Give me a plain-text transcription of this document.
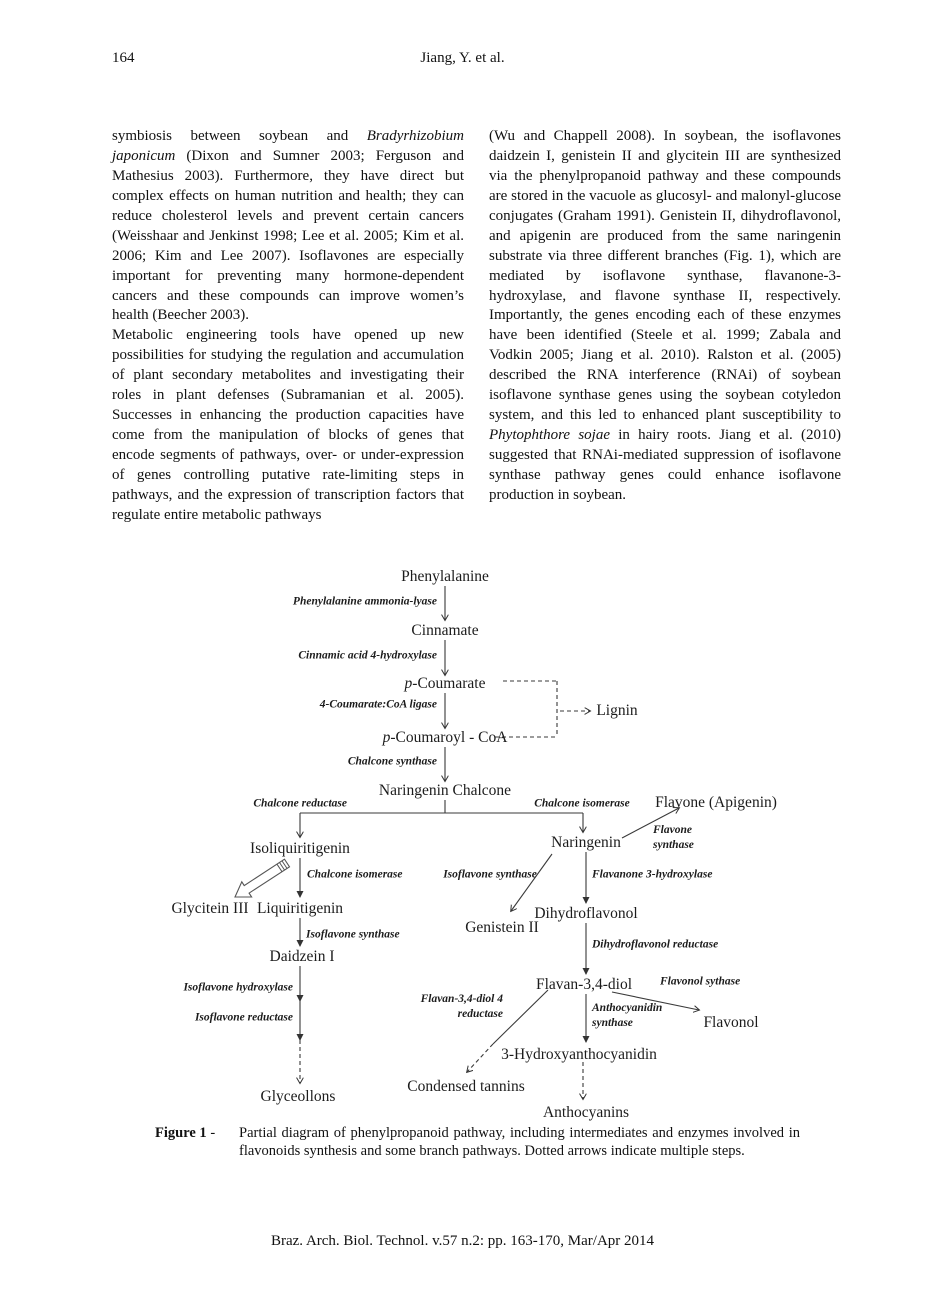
164	Jiang, Y. et al.
symbiosis between soybean and Bradyrhizobium japonicum (Dixon and Sumner 2003; Ferguson and Mathesius 2003). Furthermore, they have direct but complex effects on human nutrition and health; they can reduce cholesterol levels and prevent certain cancers (Weisshaar and Jenkinst 1998; Lee et al. 2005; Kim et al. 2006; Kim and Lee 2007). Isoflavones are especially important for preventing many hormone-dependent cancers and these compounds can improve women’s health (Beecher 2003).
Metabolic engineering tools have opened up new possibilities for studying the regulation and accumulation of plant secondary metabolites and investigating their roles in plant defenses (Subramanian et al. 2005). Successes in enhancing the production capacities have come from the manipulation of blocks of genes that encode segments of pathways, over- or under-expression of genes controlling putative rate-limiting steps in pathways, and the expression of transcription factors that regulate entire metabolic pathways
(Wu and Chappell 2008). In soybean, the isoflavones daidzein I, genistein II and glycitein III are synthesized via the phenylpropanoid pathway and these compounds are stored in the vacuole as glucosyl- and malonyl-glucose conjugates (Graham 1991). Genistein II, dihydroflavonol, and apigenin are produced from the same naringenin substrate via three different branches (Fig. 1), which are mediated by isoflavone synthase, flavanone-3-hydroxylase, and flavone synthase II, respectively. Importantly, the genes encoding each of these enzymes have been identified (Steele et al. 1999; Zabala and Vodkin 2005; Jiang et al. 2010). Ralston et al. (2005) described the RNA interference (RNAi) of soybean isoflavone synthase genes using the soybean cotyledon system, and this led to enhanced plant susceptibility to Phytophthore sojae in hairy roots. Jiang et al. (2010) suggested that RNAi-mediated suppression of isoflavone synthase pathway genes could enhance isoflavone production in soybean.
Phenylalanine
Cinnamate
p-Coumarate
p-Coumaroyl - CoA
Lignin
Naringenin Chalcone
Isoliquiritigenin
Glycitein III Liquiritigenin
Daidzein I
Glyceollons
Naringenin
Flavone (Apigenin)
Genistein II
Dihydroflavonol
Flavan-3,4-diol
Flavonol
3-Hydroxyanthocyanidin
Condensed tannins
Anthocyanins
Phenylalanine ammonia-lyase
Cinnamic acid 4-hydroxylase
4-Coumarate:CoA ligase
Chalcone synthase
Chalcone reductase	Chalcone isomerase
Flavone
synthase
Isoflavone synthase	Flavanone 3-hydroxylase
Chalcone isomerase
Isoflavone synthase
Isoflavone hydroxylase
Isoflavone reductase
Dihydroflavonol reductase
Flavonol sythase
Anthocyanidin
synthase
Flavan-3,4-diol 4
reductase
Figure 1 -	Partial diagram of phenylpropanoid pathway, including intermediates and enzymes involved in flavonoids synthesis and some branch pathways. Dotted arrows indicate multiple steps.
Braz. Arch. Biol. Technol. v.57 n.2: pp. 163-170, Mar/Apr 2014
